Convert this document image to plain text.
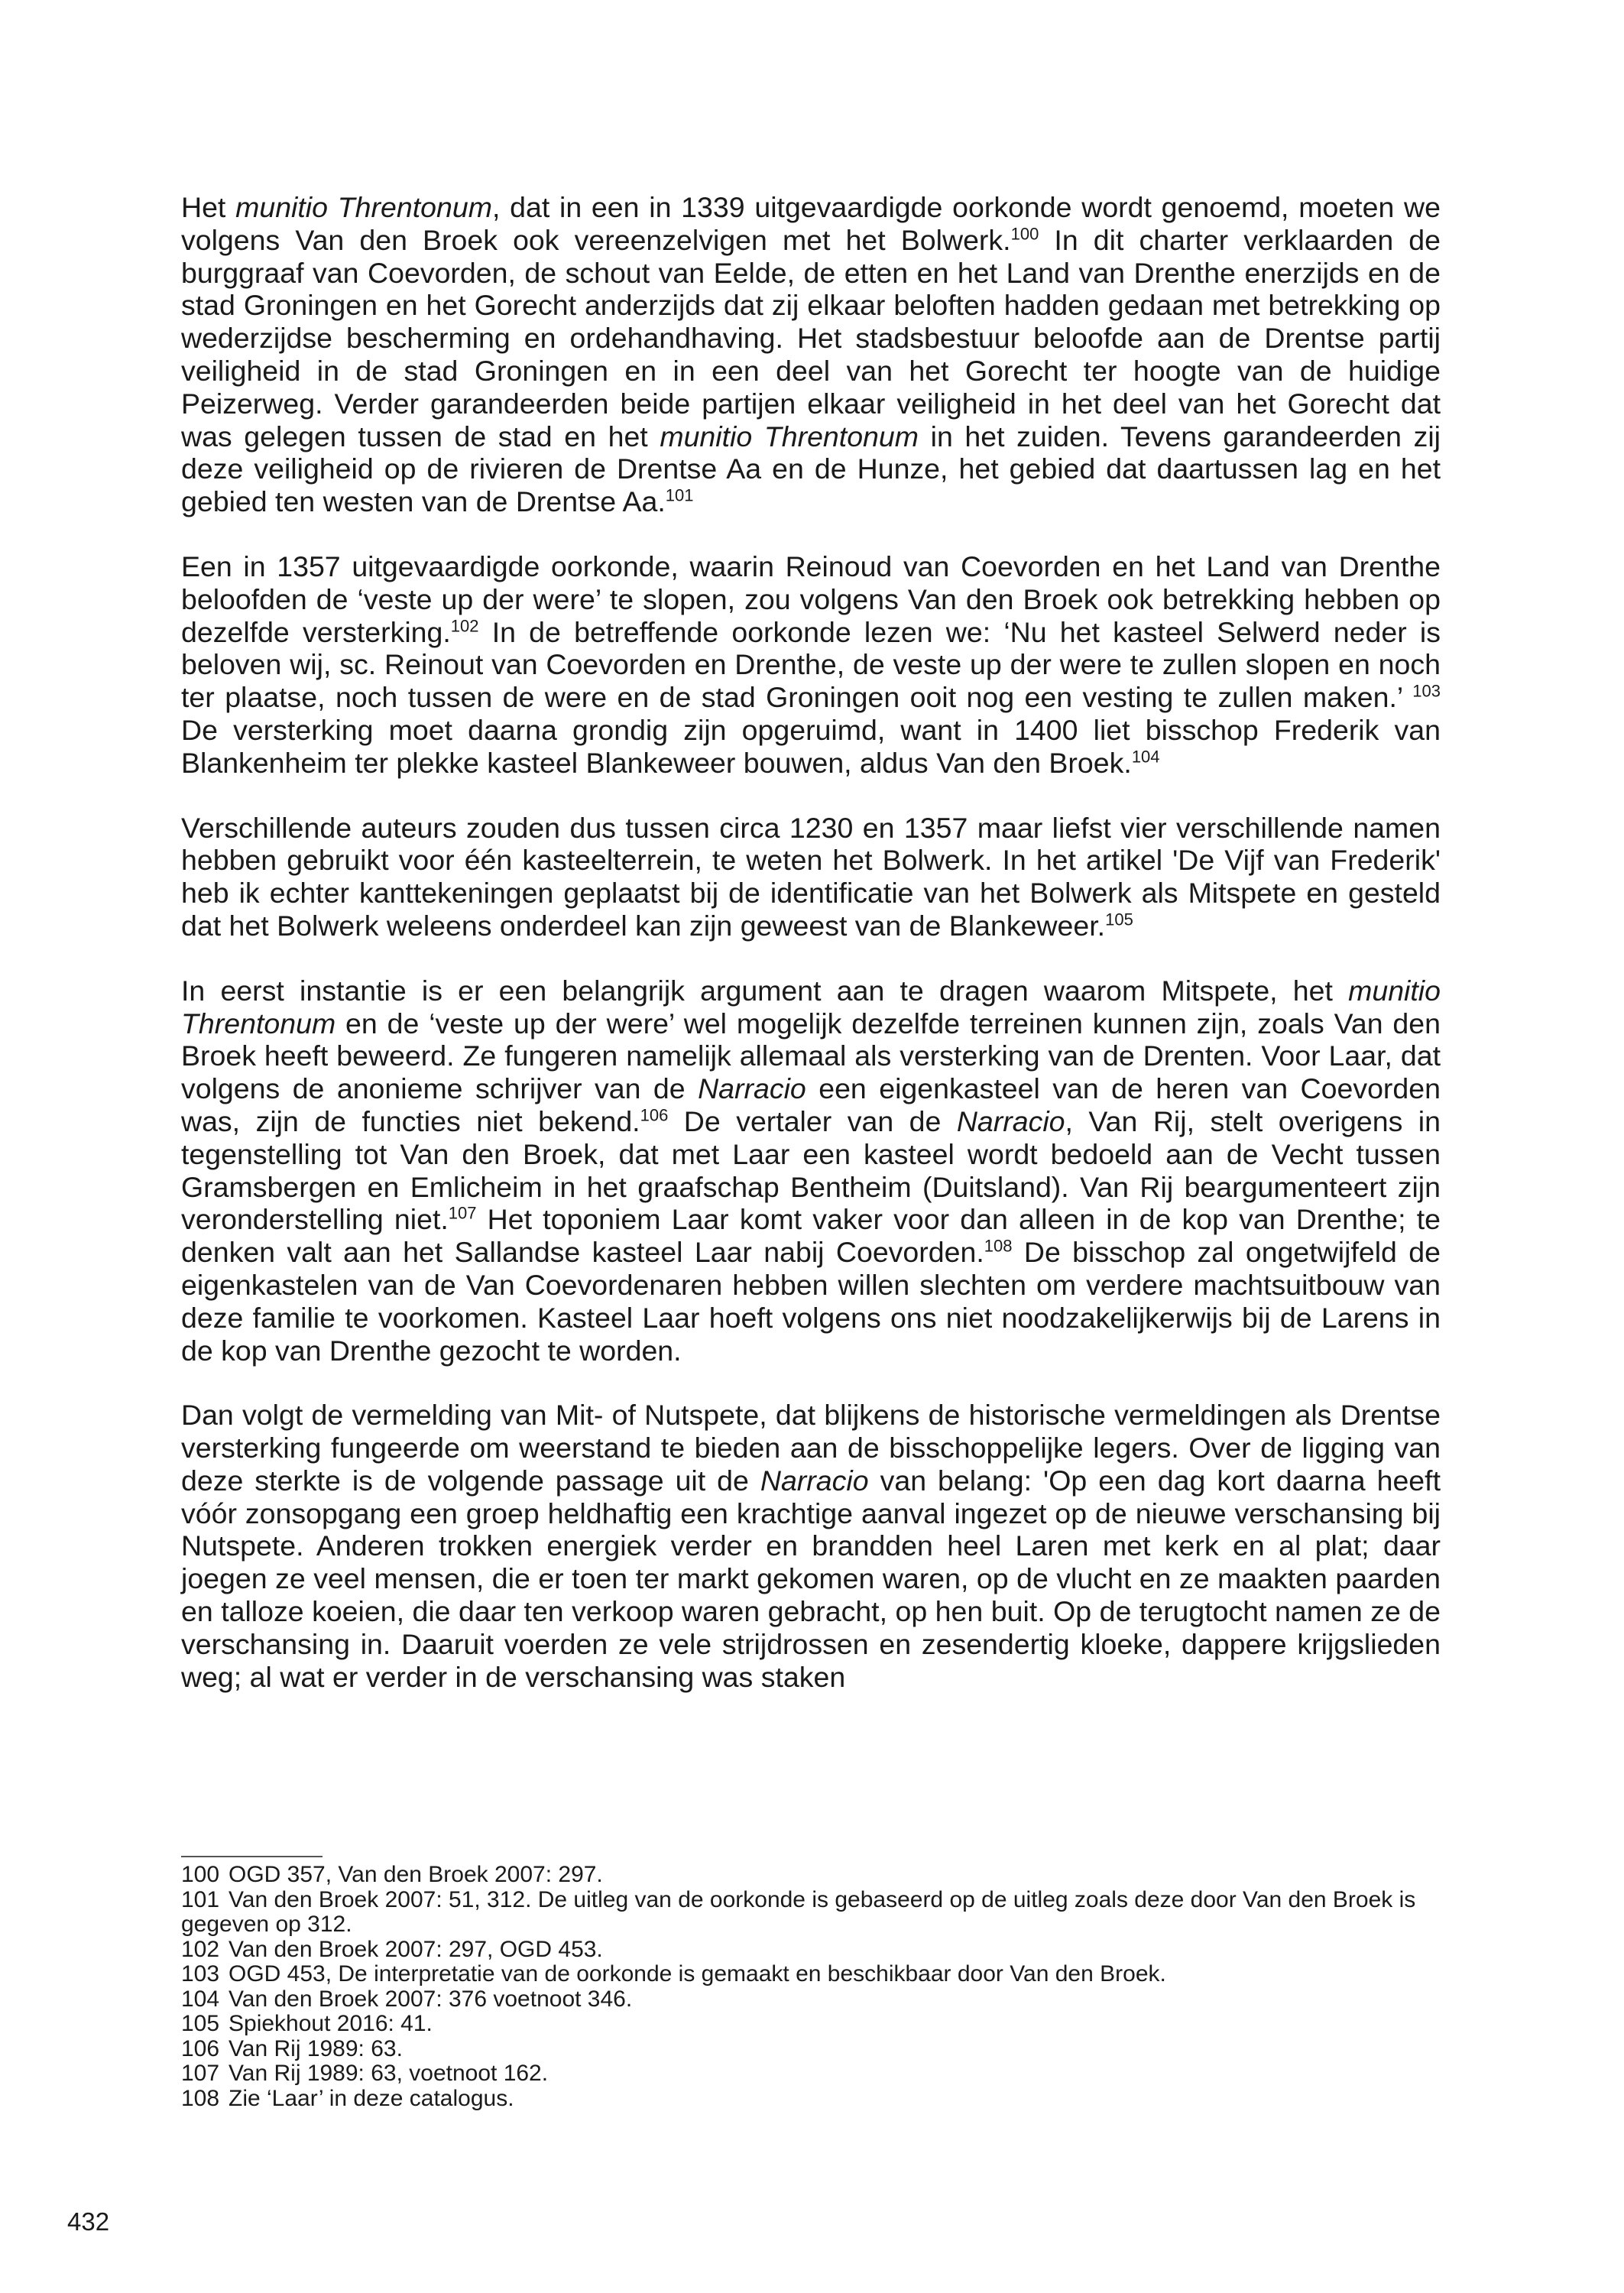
Het munitio Threntonum, dat in een in 1339 uitgevaardigde oorkonde wordt genoemd, moeten we volgens Van den Broek ook vereenzelvigen met het Bolwerk.$^{100}$ In dit charter verklaarden de burggraaf van Coevorden, de schout van Eelde, de etten en het Land van Drenthe enerzijds en de stad Groningen en het Gorecht anderzijds dat zij elkaar beloften hadden gedaan met betrekking op wederzijdse bescherming en ordehandhaving. Het stadsbestuur beloofde aan de Drentse partij veiligheid in de stad Groningen en in een deel van het Gorecht ter hoogte van de huidige Peizerweg. Verder garandeerden beide partijen elkaar veiligheid in het deel van het Gorecht dat was gelegen tussen de stad en het munitio Threntonum in het zuiden. Tevens garandeerden zij deze veiligheid op de rivieren de Drentse Aa en de Hunze, het gebied dat daartussen lag en het gebied ten westen van de Drentse Aa.$^{101}$

Een in 1357 uitgevaardigde oorkonde, waarin Reinoud van Coevorden en het Land van Drenthe beloofden de ‘veste up der were’ te slopen, zou volgens Van den Broek ook betrekking hebben op dezelfde versterking.$^{102}$ In de betreffende oorkonde lezen we: ‘Nu het kasteel Selwerd neder is beloven wij, sc. Reinout van Coevorden en Drenthe, de veste up der were te zullen slopen en noch ter plaatse, noch tussen de were en de stad Groningen ooit nog een vesting te zullen maken.’ $^{103}$ De versterking moet daarna grondig zijn opgeruimd, want in 1400 liet bisschop Frederik van Blankenheim ter plekke kasteel Blankeweer bouwen, aldus Van den Broek.$^{104}$

Verschillende auteurs zouden dus tussen circa 1230 en 1357 maar liefst vier verschillende namen hebben gebruikt voor één kasteelterrein, te weten het Bolwerk. In het artikel 'De Vijf van Frederik' heb ik echter kanttekeningen geplaatst bij de identificatie van het Bolwerk als Mitspete en gesteld dat het Bolwerk weleens onderdeel kan zijn geweest van de Blankeweer.$^{105}$

In eerst instantie is er een belangrijk argument aan te dragen waarom Mitspete, het munitio Threntonum en de ‘veste up der were’ wel mogelijk dezelfde terreinen kunnen zijn, zoals Van den Broek heeft beweerd. Ze fungeren namelijk allemaal als versterking van de Drenten. Voor Laar, dat volgens de anonieme schrijver van de Narracio een eigenkasteel van de heren van Coevorden was, zijn de functies niet bekend.$^{106}$ De vertaler van de Narracio, Van Rij, stelt overigens in tegenstelling tot Van den Broek, dat met Laar een kasteel wordt bedoeld aan de Vecht tussen Gramsbergen en Emlicheim in het graafschap Bentheim (Duitsland). Van Rij beargumenteert zijn veronderstelling niet.$^{107}$ Het toponiem Laar komt vaker voor dan alleen in de kop van Drenthe; te denken valt aan het Sallandse kasteel Laar nabij Coevorden.$^{108}$ De bisschop zal ongetwijfeld de eigenkastelen van de Van Coevordenaren hebben willen slechten om verdere machtsuitbouw van deze familie te voorkomen. Kasteel Laar hoeft volgens ons niet noodzakelijkerwijs bij de Larens in de kop van Drenthe gezocht te worden.

Dan volgt de vermelding van Mit- of Nutspete, dat blijkens de historische vermeldingen als Drentse versterking fungeerde om weerstand te bieden aan de bisschoppelijke legers. Over de ligging van deze sterkte is de volgende passage uit de Narracio van belang: 'Op een dag kort daarna heeft vóór zonsopgang een groep heldhaftig een krachtige aanval ingezet op de nieuwe verschansing bij Nutspete. Anderen trokken energiek verder en brandden heel Laren met kerk en al plat; daar joegen ze veel mensen, die er toen ter markt gekomen waren, op de vlucht en ze maakten paarden en talloze koeien, die daar ten verkoop waren gebracht, op hen buit. Op de terugtocht namen ze de verschansing in. Daaruit voerden ze vele strijdrossen en zesendertig kloeke, dappere krijgslieden weg; al wat er verder in de verschansing was staken

100 OGD 357, Van den Broek 2007: 297.
101 Van den Broek 2007: 51, 312. De uitleg van de oorkonde is gebaseerd op de uitleg zoals deze door Van den Broek is gegeven op 312.
102 Van den Broek 2007: 297, OGD 453.
103 OGD 453, De interpretatie van de oorkonde is gemaakt en beschikbaar door Van den Broek.
104 Van den Broek 2007: 376 voetnoot 346.
105 Spiekhout 2016: 41.
106 Van Rij 1989: 63.
107 Van Rij 1989: 63, voetnoot 162.
108 Zie ‘Laar’ in deze catalogus.
432
